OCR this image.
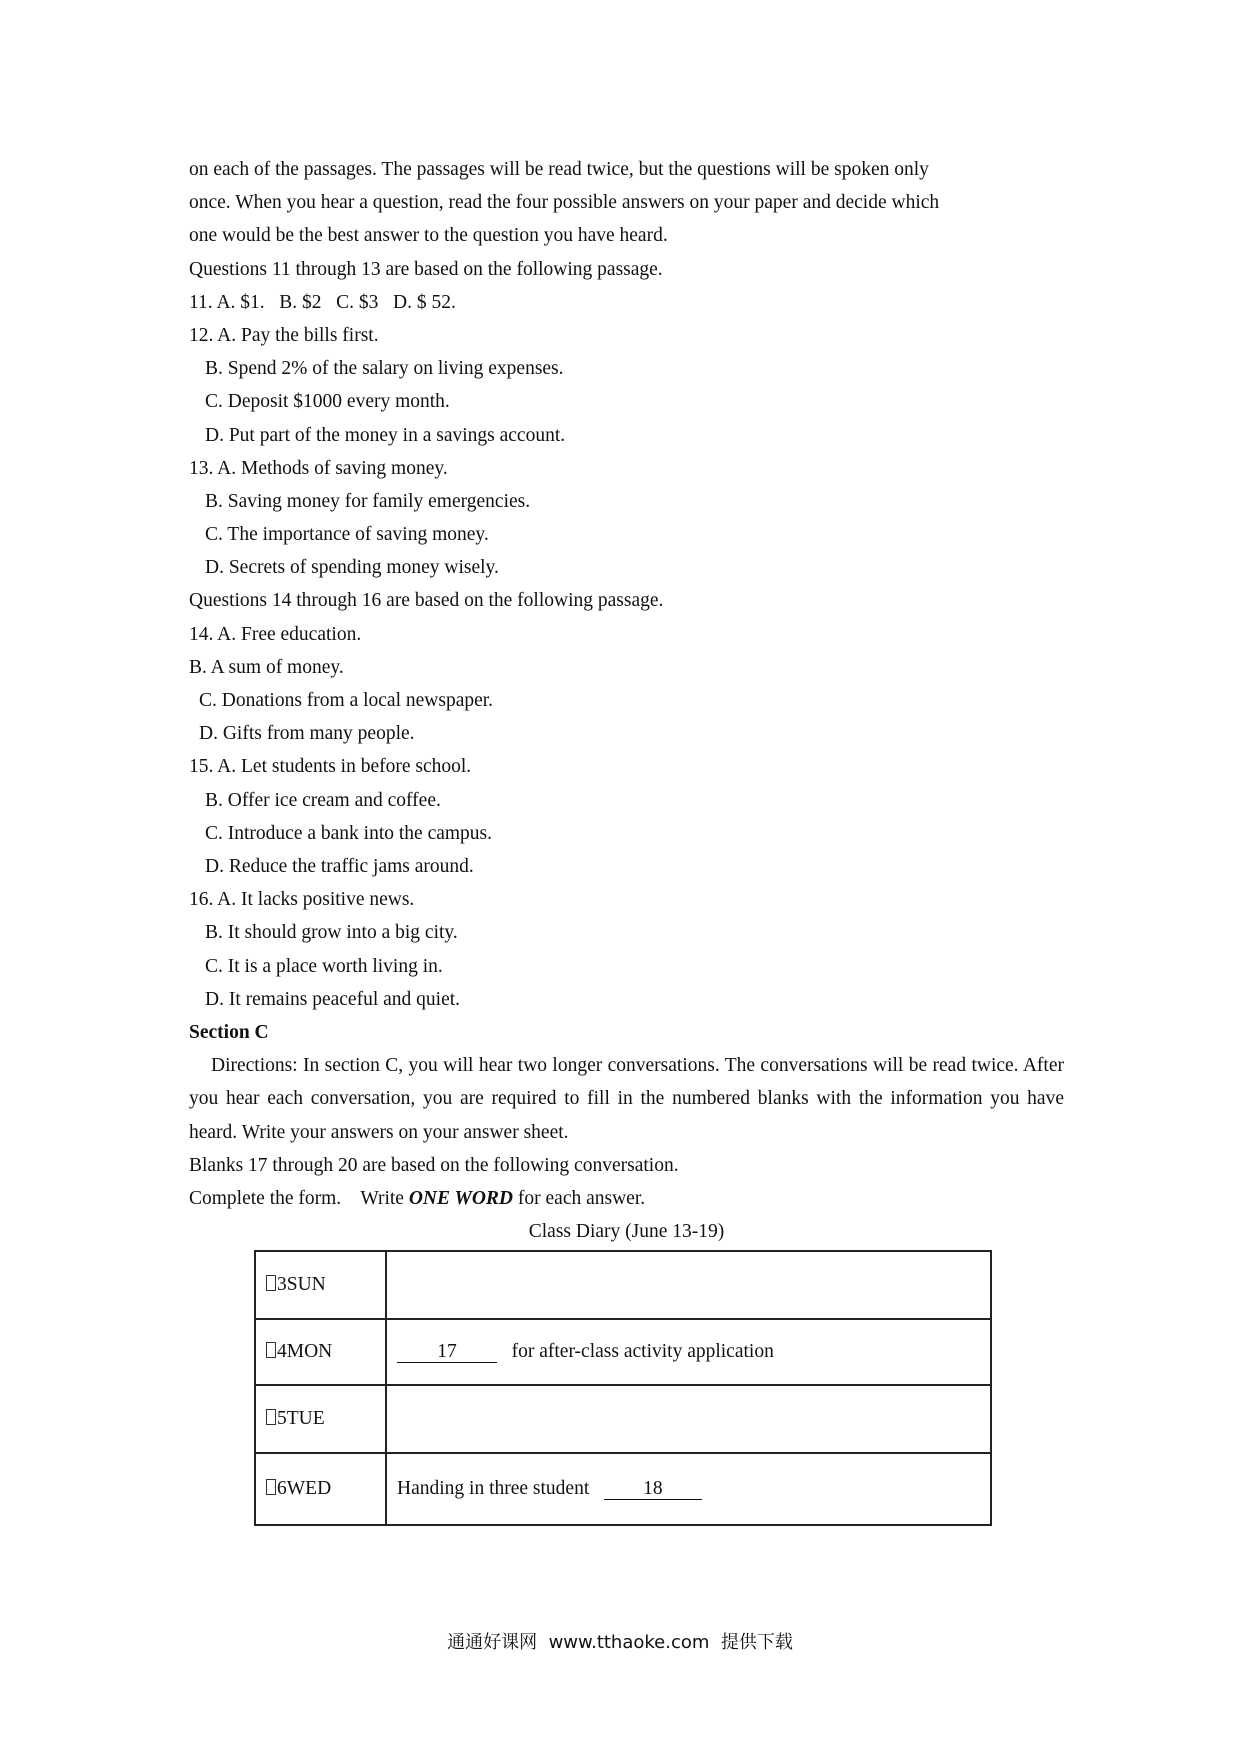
on each of the passages. The passages will be read twice, but the questions will be spoken only
once. When you hear a question, read the four possible answers on your paper and decide which
one would be the best answer to the question you have heard.
Questions 11 through 13 are based on the following passage.
11. A. $1.   B. $2   C. $3   D. $ 52.
12. A. Pay the bills first.
B. Spend 2% of the salary on living expenses.
C. Deposit $1000 every month.
D. Put part of the money in a savings account.
13. A. Methods of saving money.
B. Saving money for family emergencies.
C. The importance of saving money.
D. Secrets of spending money wisely.
Questions 14 through 16 are based on the following passage.
14. A. Free education.
B. A sum of money.
C. Donations from a local newspaper.
D. Gifts from many people.
15. A. Let students in before school.
B. Offer ice cream and coffee.
C. Introduce a bank into the campus.
D. Reduce the traffic jams around.
16. A. It lacks positive news.
B. It should grow into a big city.
C. It is a place worth living in.
D. It remains peaceful and quiet.
Section C
Directions: In section C, you will hear two longer conversations. The conversations will be read twice. After you hear each conversation, you are required to fill in the numbered blanks with the information you have heard. Write your answers on your answer sheet.
Blanks 17 through 20 are based on the following conversation.
Complete the form.    Write ONE WORD for each answer.
Class Diary (June 13-19)
3SUN	
4MON	17 for after-class activity application
5TUE	
6WED	Handing in three student 18
通通好课网  www.tthaoke.com  提供下载
